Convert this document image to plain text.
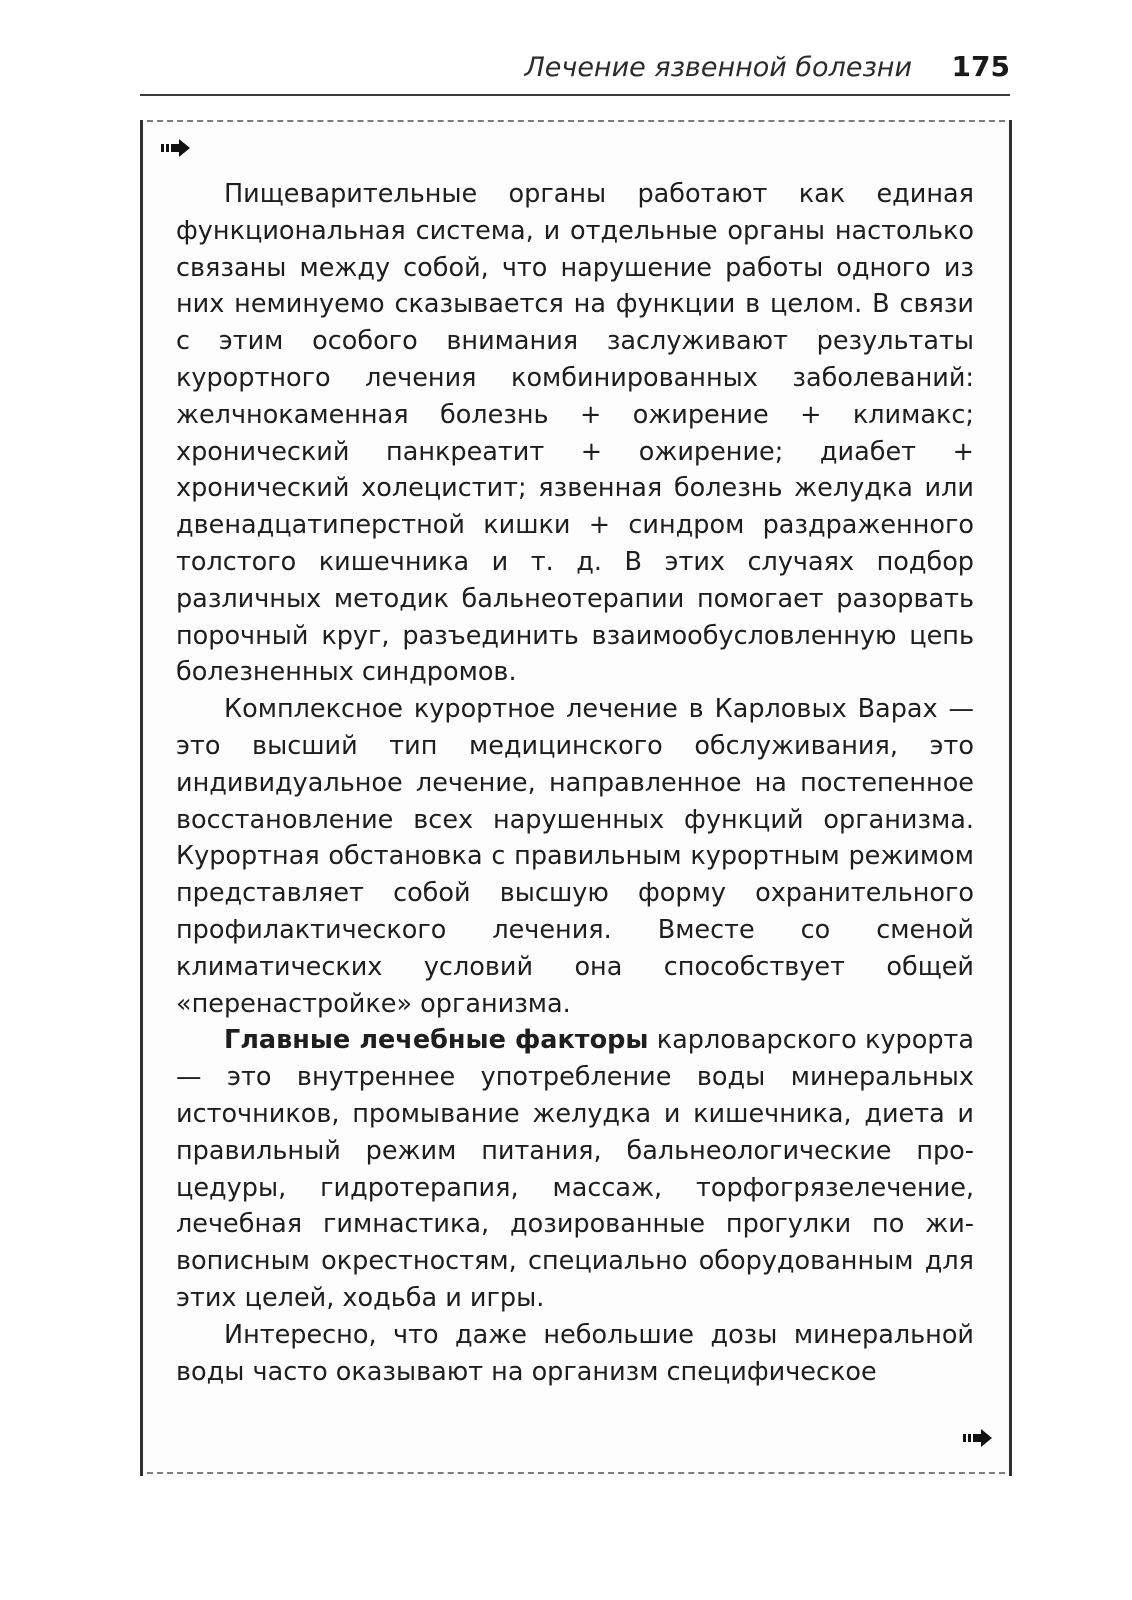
Лечение язвенной болезни 175

Пищеварительные органы работают как единая функциональная система, и отдельные органы настолько связаны между собой, что нарушение работы одного из них неминуемо сказывается на функции в целом. В связи с этим особого внимания заслуживают результаты курортного лечения комбинированных заболеваний: желчнокаменная болезнь + ожирение + климакс; хронический панкреатит + ожирение; диабет + хронический холецистит; язвенная болезнь желудка или двенадцатиперстной кишки + синдром раздраженного толстого кишечника и т. д. В этих случаях подбор различных методик бальнеотерапии помогает разорвать порочный круг, разъединить взаимообусловленную цепь болезненных синдромов.

Комплексное курортное лечение в Карловых Варах — это высший тип медицинского обслуживания, это индивидуальное лечение, направленное на постепенное восстановление всех нарушенных функций организма. Курортная обстановка с правильным курортным режимом представляет собой высшую форму охранительного профилактического лечения. Вместе со сменой климатических условий она способствует общей «перенастройке» организма.

Главные лечебные факторы карловарского курорта — это внутреннее употребление воды минеральных источников, промывание желудка и кишечника, диета и правильный режим питания, бальнеологические процедуры, гидротерапия, массаж, торфогрязелечение, лечебная гимнастика, дозированные прогулки по живописным окрестностям, специально оборудованным для этих целей, ходьба и игры.

Интересно, что даже небольшие дозы минеральной воды часто оказывают на организм специфическое
